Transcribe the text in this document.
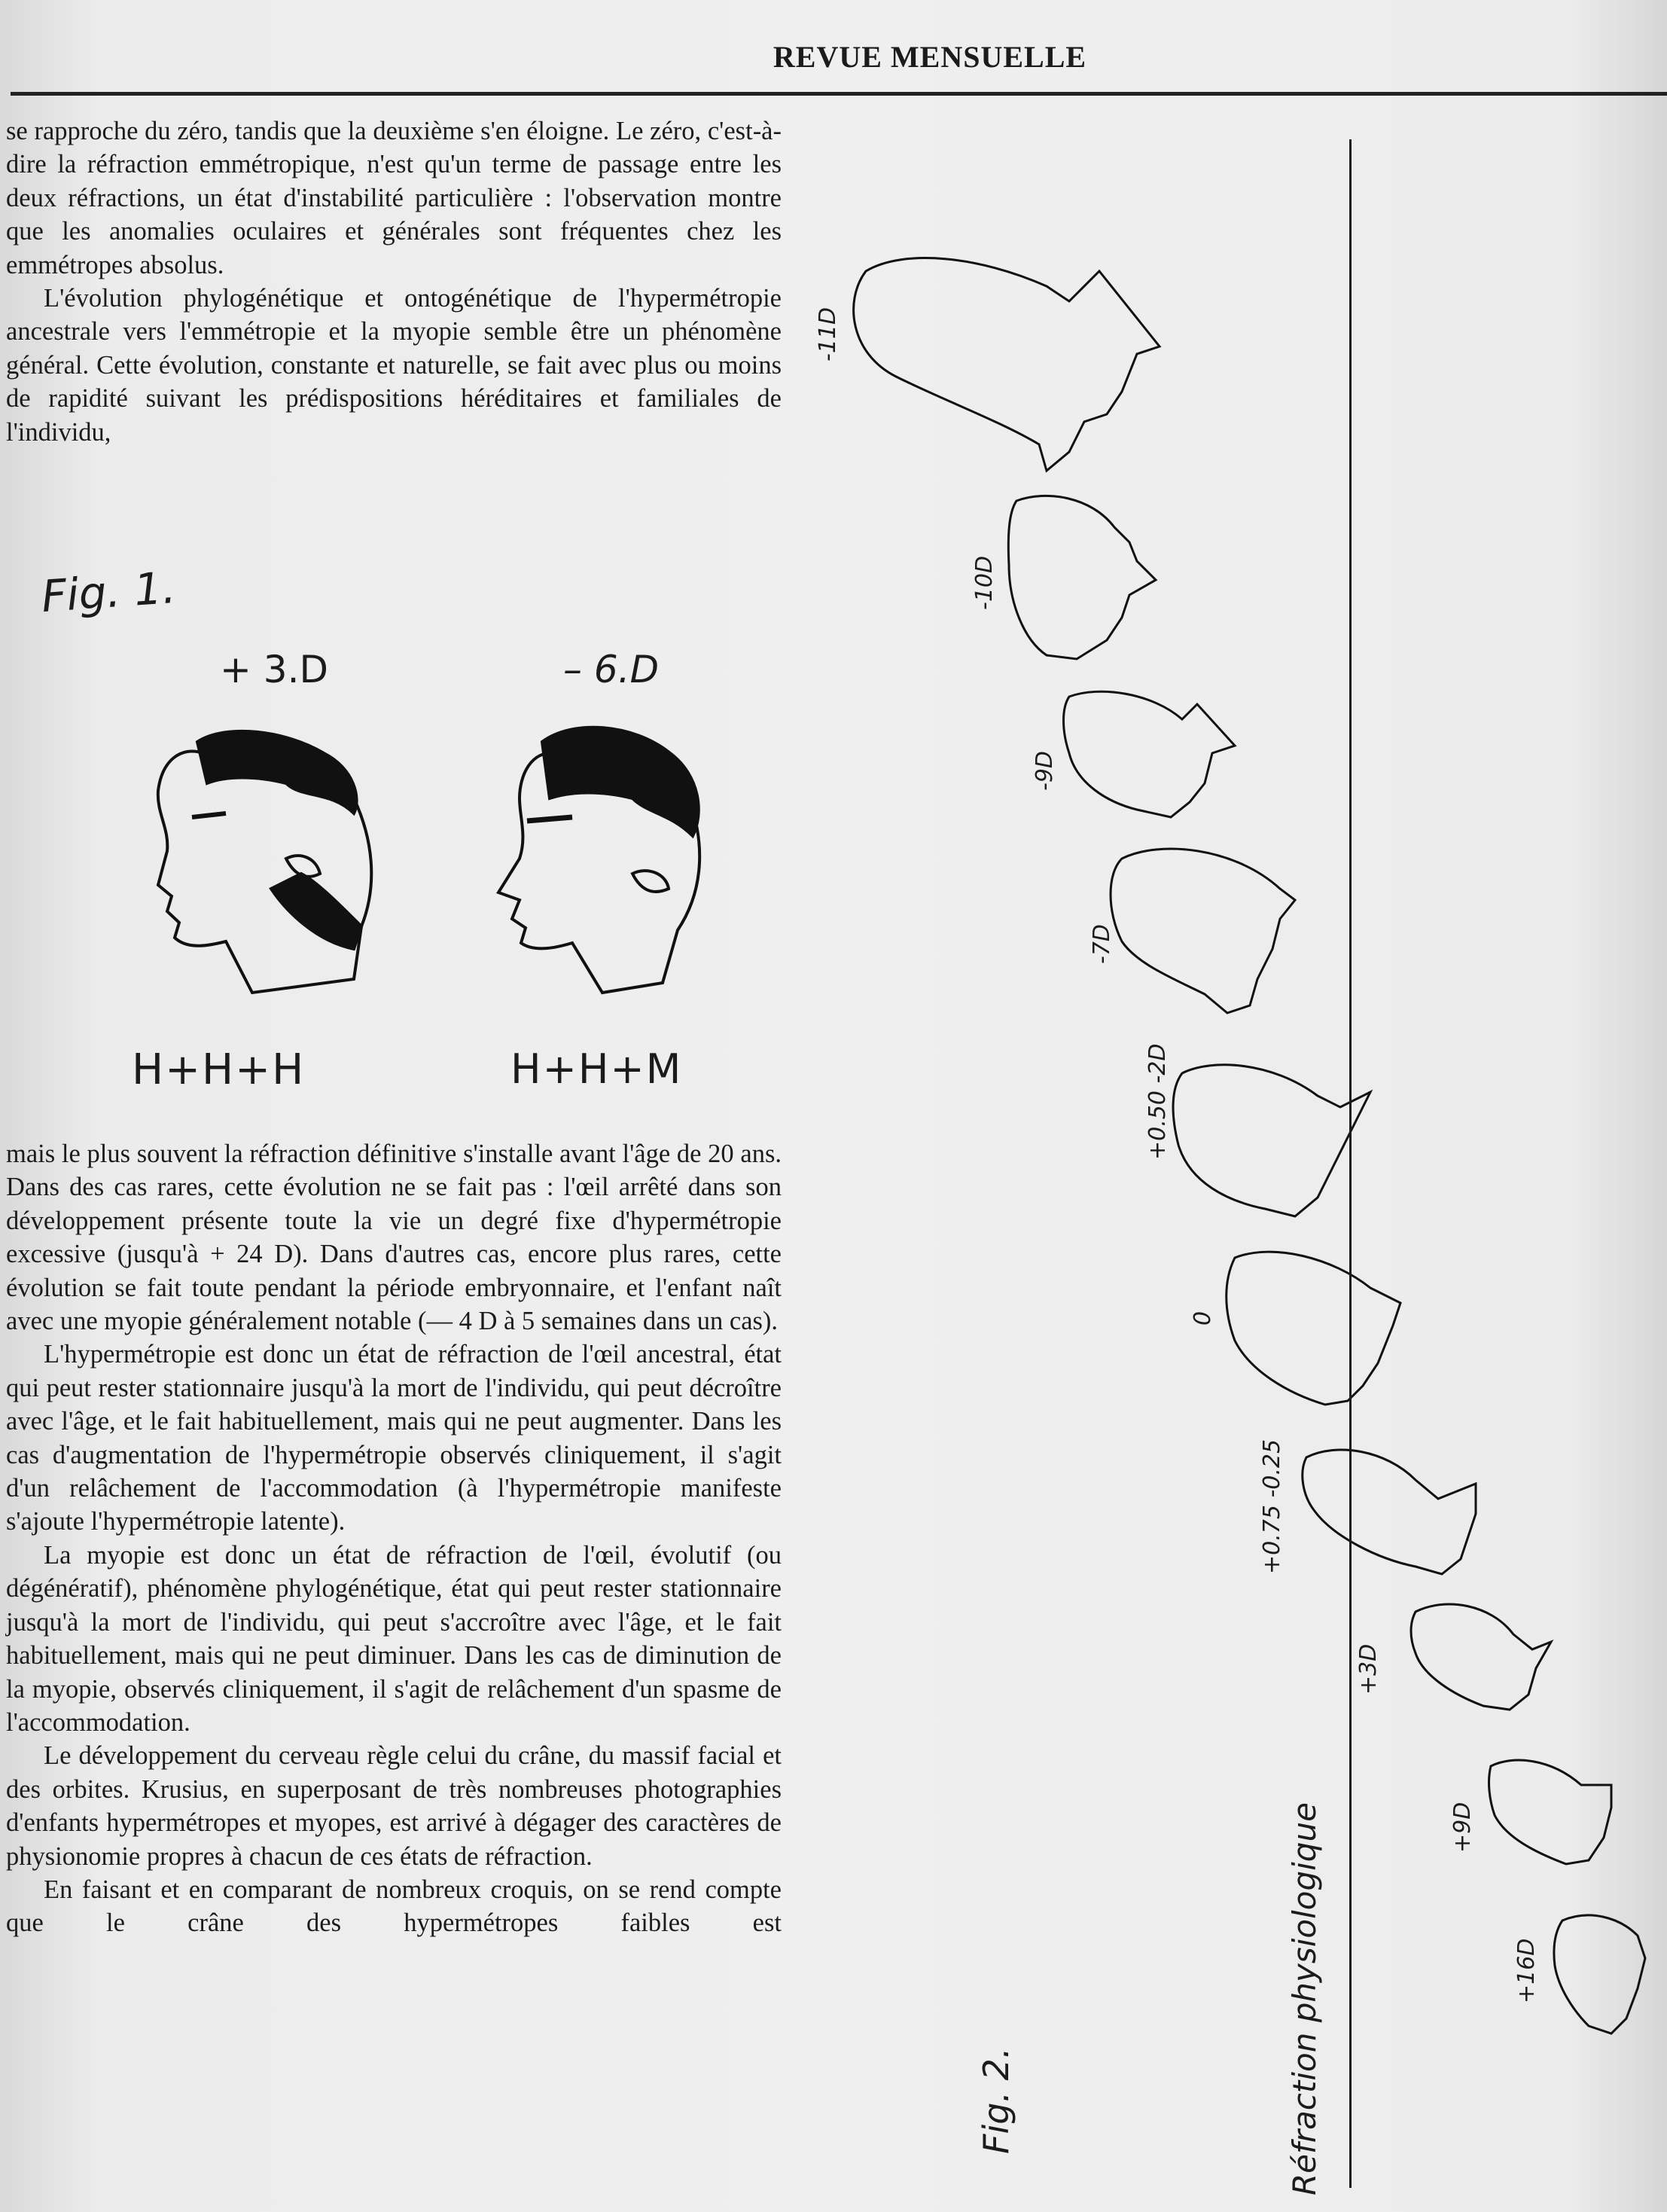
REVUE MENSUELLE

se rapproche du zéro, tandis que la deuxième s'en éloigne. Le zéro, c'est-à-dire la réfraction emmétropique, n'est qu'un terme de passage entre les deux réfractions, un état d'instabilité particulière : l'observation montre que les anomalies oculaires et générales sont fréquentes chez les emmétropes absolus.

L'évolution phylogénétique et ontogénétique de l'hypermétropie ancestrale vers l'emmétropie et la myopie semble être un phénomène général. Cette évolution, constante et naturelle, se fait avec plus ou moins de rapidité suivant les prédispositions héréditaires et familiales de l'individu,

Fig. 1.
+ 3.D	– 6.D
H+H+H	H+H+M
-11D
-10D
-9D
-7D
+0.50 -2D
0
+0.75 -0.25
+3D
+9D
+16D
Réfraction physiologique
Fig. 2.

mais le plus souvent la réfraction définitive s'installe avant l'âge de 20 ans. Dans des cas rares, cette évolution ne se fait pas : l'œil arrêté dans son développement présente toute la vie un degré fixe d'hypermétropie excessive (jusqu'à + 24 D). Dans d'autres cas, encore plus rares, cette évolution se fait toute pendant la période embryonnaire, et l'enfant naît avec une myopie généralement notable (— 4 D à 5 semaines dans un cas).

L'hypermétropie est donc un état de réfraction de l'œil ancestral, état qui peut rester stationnaire jusqu'à la mort de l'individu, qui peut décroître avec l'âge, et le fait habituellement, mais qui ne peut augmenter. Dans les cas d'augmentation de l'hypermétropie observés cliniquement, il s'agit d'un relâchement de l'accommodation (à l'hypermétropie manifeste s'ajoute l'hypermétropie latente).

La myopie est donc un état de réfraction de l'œil, évolutif (ou dégénératif), phénomène phylogénétique, état qui peut rester stationnaire jusqu'à la mort de l'individu, qui peut s'accroître avec l'âge, et le fait habituellement, mais qui ne peut diminuer. Dans les cas de diminution de la myopie, observés cliniquement, il s'agit de relâchement d'un spasme de l'accommodation.

Le développement du cerveau règle celui du crâne, du massif facial et des orbites. Krusius, en superposant de très nombreuses photographies d'enfants hypermétropes et myopes, est arrivé à dégager des caractères de physionomie propres à chacun de ces états de réfraction.

En faisant et en comparant de nombreux croquis, on se rend compte que le crâne des hypermétropes faibles est
